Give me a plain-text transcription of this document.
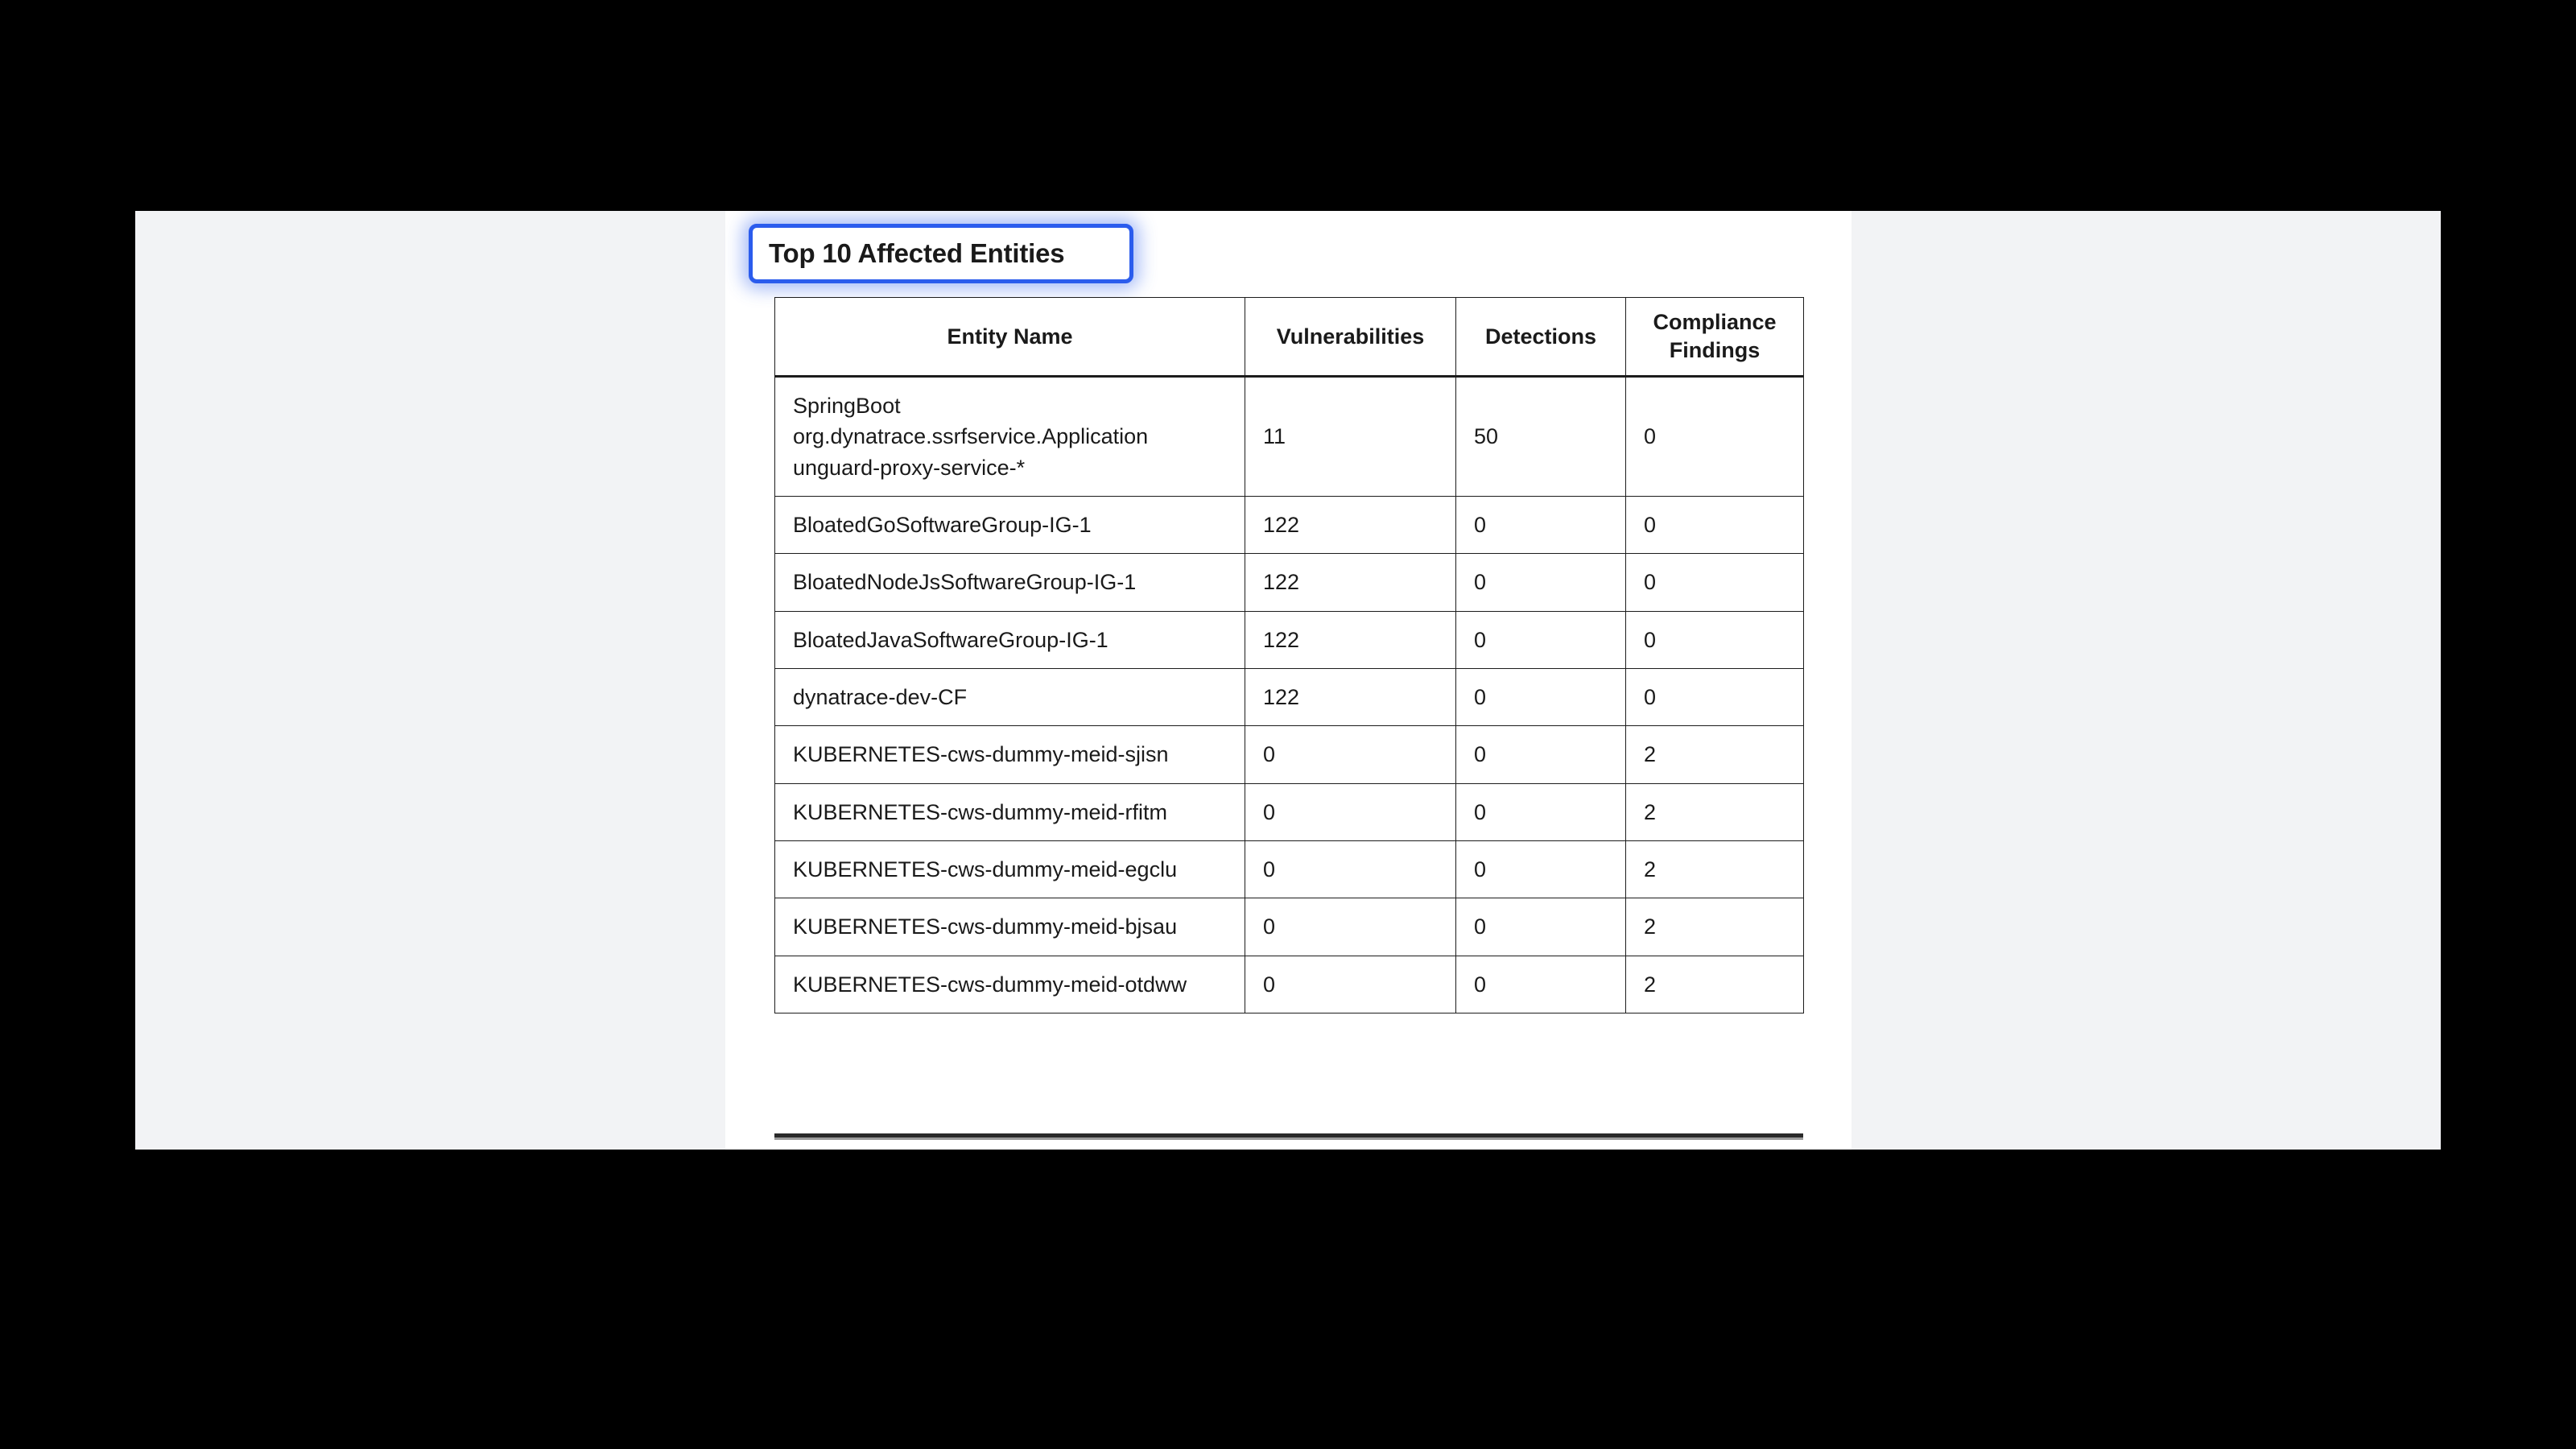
Top 10 Affected Entities
Entity Name	Vulnerabilities	Detections	Compliance Findings
SpringBoot org.dynatrace.ssrfservice.Application unguard-proxy-service-*	11	50	0
BloatedGoSoftwareGroup-IG-1	122	0	0
BloatedNodeJsSoftwareGroup-IG-1	122	0	0
BloatedJavaSoftwareGroup-IG-1	122	0	0
dynatrace-dev-CF	122	0	0
KUBERNETES-cws-dummy-meid-sjisn	0	0	2
KUBERNETES-cws-dummy-meid-rfitm	0	0	2
KUBERNETES-cws-dummy-meid-egclu	0	0	2
KUBERNETES-cws-dummy-meid-bjsau	0	0	2
KUBERNETES-cws-dummy-meid-otdww	0	0	2
